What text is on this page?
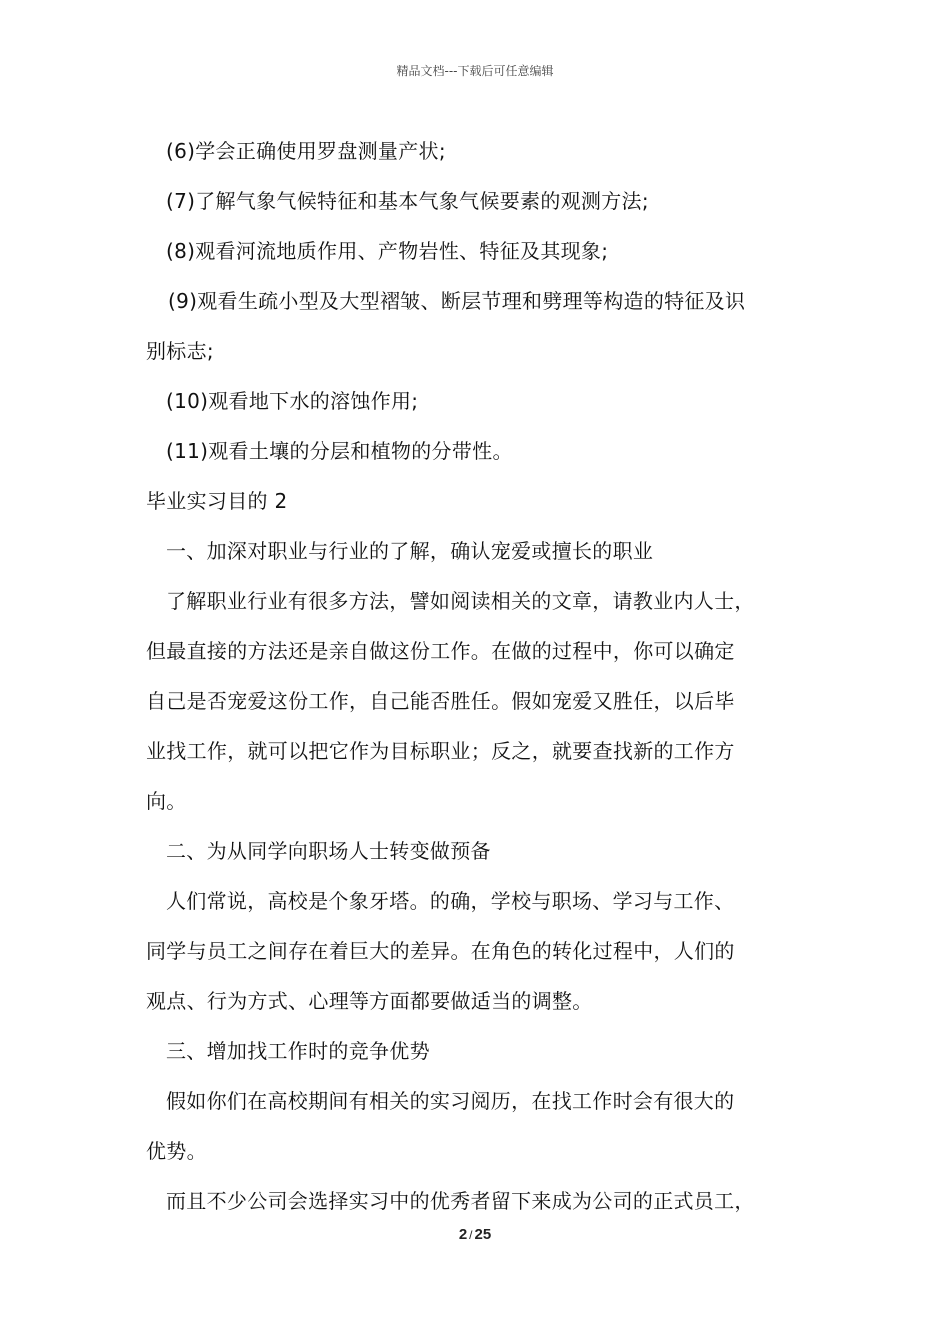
精品文档---下载后可任意编辑
(6)学会正确使用罗盘测量产状;
(7)了解气象气候特征和基本气象气候要素的观测方法;
(8)观看河流地质作用、产物岩性、特征及其现象;
(9)观看生疏小型及大型褶皱、断层节理和劈理等构造的特征及识
别标志;
(10)观看地下水的溶蚀作用;
(11)观看土壤的分层和植物的分带性。
毕业实习目的 2
一、加深对职业与行业的了解，确认宠爱或擅长的职业
了解职业行业有很多方法，譬如阅读相关的文章，请教业内人士，
但最直接的方法还是亲自做这份工作。在做的过程中，你可以确定
自己是否宠爱这份工作，自己能否胜任。假如宠爱又胜任，以后毕
业找工作，就可以把它作为目标职业；反之，就要查找新的工作方
向。
二、为从同学向职场人士转变做预备
人们常说，高校是个象牙塔。的确，学校与职场、学习与工作、
同学与员工之间存在着巨大的差异。在角色的转化过程中，人们的
观点、行为方式、心理等方面都要做适当的调整。
三、增加找工作时的竞争优势
假如你们在高校期间有相关的实习阅历，在找工作时会有很大的
优势。
而且不少公司会选择实习中的优秀者留下来成为公司的正式员工，
2 / 25
